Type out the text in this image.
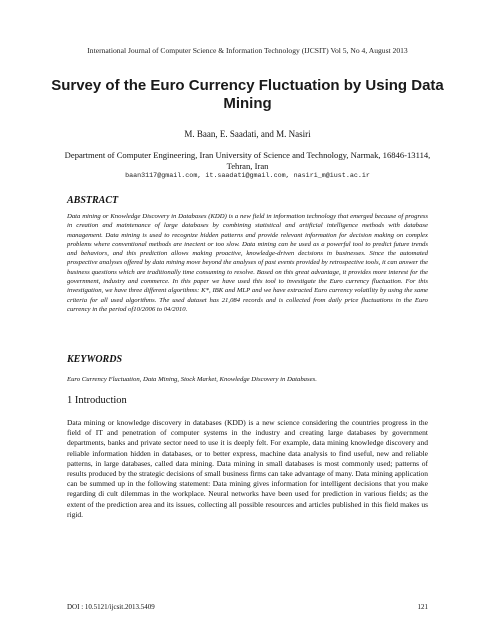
International Journal of Computer Science & Information Technology (IJCSIT) Vol 5, No 4, August 2013
Survey of the Euro Currency Fluctuation by Using Data Mining
M. Baan, E. Saadati, and M. Nasiri
Department of Computer Engineering, Iran University of Science and Technology, Narmak, 16846-13114, Tehran, Iran
baan3117@gmail.com, it.saadati@gmail.com, nasiri_m@iust.ac.ir
ABSTRACT
Data mining or Knowledge Discovery in Databases (KDD) is a new field in information technology that emerged because of progress in creation and maintenance of large databases by combining statistical and artificial intelligence methods with database management. Data mining is used to recognize hidden patterns and provide relevant information for decision making on complex problems where conventional methods are inecient or too slow. Data mining can be used as a powerful tool to predict future trends and behaviors, and this prediction allows making proactive, knowledge-driven decisions in businesses. Since the automated prospective analyses offered by data mining move beyond the analyses of past events provided by retrospective tools, it can answer the business questions which are traditionally time consuming to resolve. Based on this great advantage, it provides more interest for the government, industry and commerce. In this paper we have used this tool to investigate the Euro currency fluctuation. For this investigation, we have three different algorithms: K*, IBK and MLP and we have extracted Euro currency volatility by using the same criteria for all used algorithms. The used dataset has 21,084 records and is collected from daily price fluctuations in the Euro currency in the period of10/2006 to 04/2010.
KEYWORDS
Euro Currency Fluctuation, Data Mining, Stock Market, Knowledge Discovery in Databases.
1 Introduction
Data mining or knowledge discovery in databases (KDD) is a new science considering the countries progress in the field of IT and penetration of computer systems in the industry and creating large databases by government departments, banks and private sector need to use it is deeply felt. For example, data mining knowledge discovery and reliable information hidden in databases, or to better express, machine data analysis to find useful, new and reliable patterns, in large databases, called data mining. Data mining in small databases is most commonly used; patterns of results produced by the strategic decisions of small business firms can take advantage of many. Data mining application can be summed up in the following statement: Data mining gives information for intelligent decisions that you make regarding di cult dilemmas in the workplace. Neural networks have been used for prediction in various fields; as the extent of the prediction area and its issues, collecting all possible resources and articles published in this field makes us rigid.
DOI : 10.5121/ijcsit.2013.5409	121
